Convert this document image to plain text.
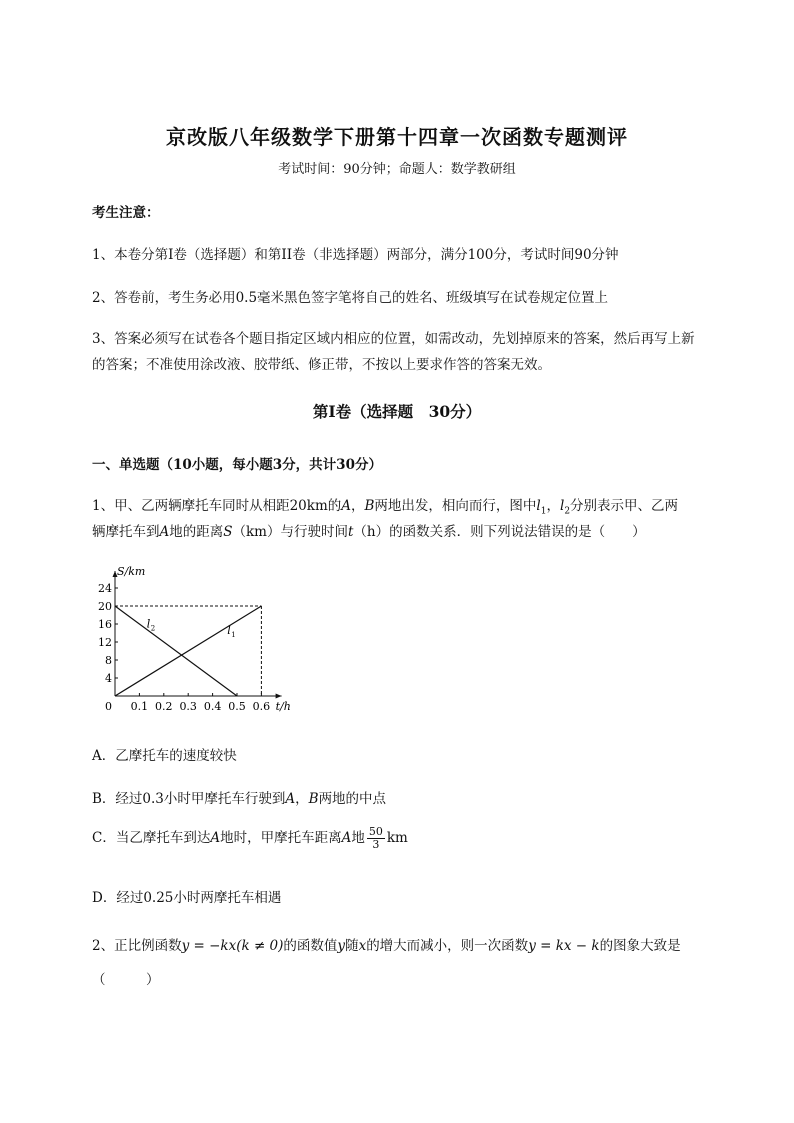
京改版八年级数学下册第十四章一次函数专题测评
考试时间：90分钟；命题人：数学教研组
考生注意：
1、本卷分第I卷（选择题）和第II卷（非选择题）两部分，满分100分，考试时间90分钟
2、答卷前，考生务必用0.5毫米黑色签字笔将自己的姓名、班级填写在试卷规定位置上
3、答案必须写在试卷各个题目指定区域内相应的位置，如需改动，先划掉原来的答案，然后再写上新
的答案；不准使用涂改液、胶带纸、修正带，不按以上要求作答的答案无效。
第I卷（选择题　30分）
一、单选题（10小题，每小题3分，共计30分）
1、甲、乙两辆摩托车同时从相距20km的A，B两地出发，相向而行，图中$l_1$，$l_2$分别表示甲、乙两
辆摩托车到A地的距离S（km）与行驶时间t（h）的函数关系．则下列说法错误的是（　　）
S/km
t/h
0
4
8
12
16
20
24
0.1 0.2 0.3 0.4 0.5 0.6
l 1
l 2
A．乙摩托车的速度较快
B．经过0.3小时甲摩托车行驶到A，B两地的中点
C．当乙摩托车到达A地时，甲摩托车距离A地 $\frac{50}{3}$ km
D．经过0.25小时两摩托车相遇
2、正比例函数y = −kx(k ≠ 0)的函数值y随x的增大而减小，则一次函数y = kx − k的图象大致是
（　　　）
